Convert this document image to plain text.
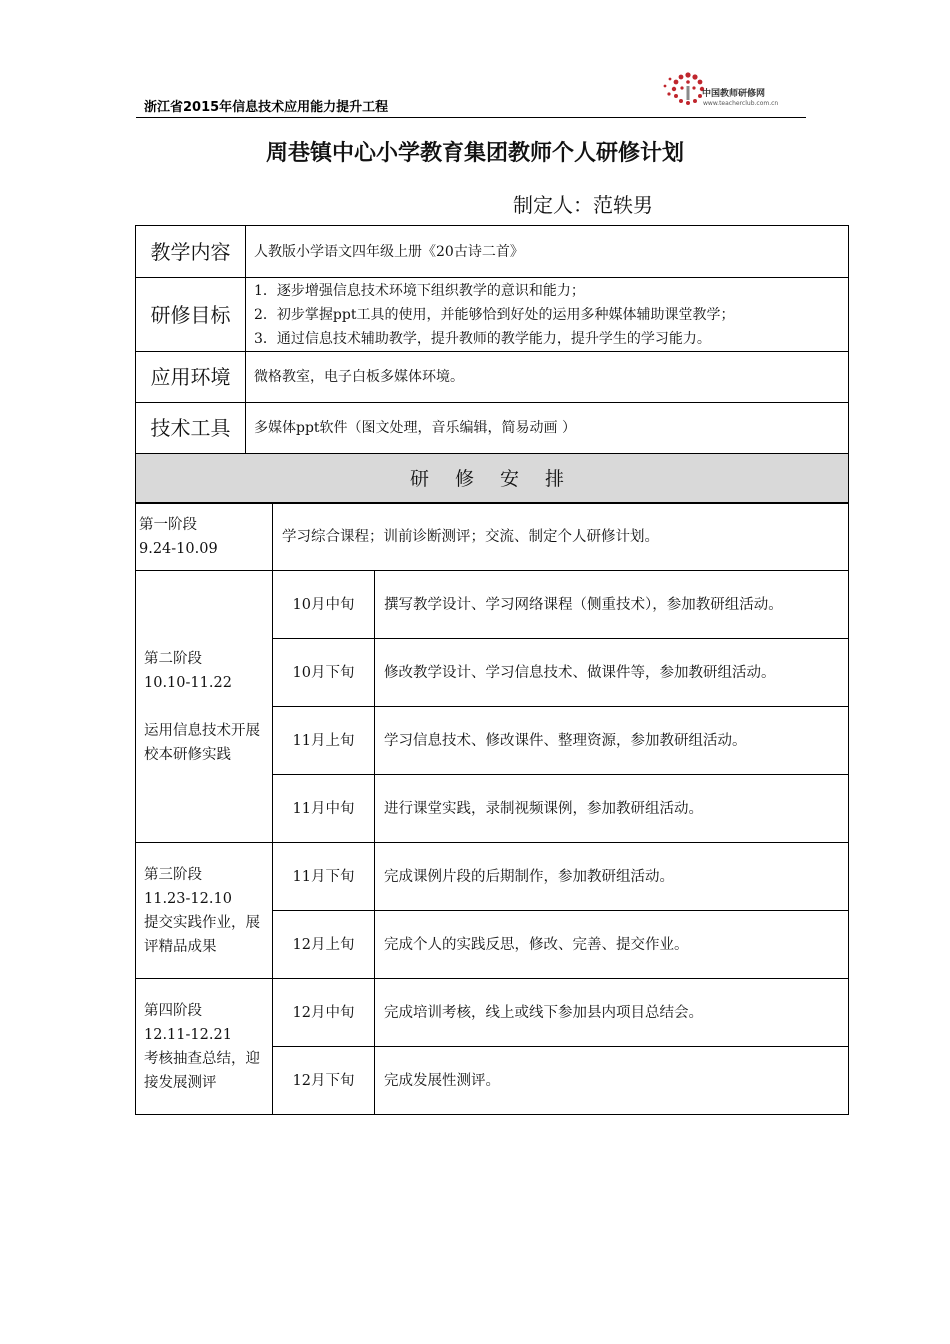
浙江省2015年信息技术应用能力提升工程
中国教师研修网
www.teacherclub.com.cn
周巷镇中心小学教育集团教师个人研修计划
制定人：范轶男
教学内容	人教版小学语文四年级上册《20古诗二首》

研修目标	1．逐步增强信息技术环境下组织教学的意识和能力；
2．初步掌握ppt工具的使用，并能够恰到好处的运用多种媒体辅助课堂教学；
3．通过信息技术辅助教学，提升教师的教学能力，提升学生的学习能力。

应用环境	微格教室，电子白板多媒体环境。

技术工具	多媒体ppt软件（图文处理，音乐编辑，简易动画 ）

研 修 安 排	
第一阶段
9.24-10.09	学习综合课程；训前诊断测评；交流、制定个人研修计划。	

第二阶段
10.10-11.22
运用信息技术开展校本研修实践	10月中旬	撰写教学设计、学习网络课程（侧重技术），参加教研组活动。
	10月下旬	修改教学设计、学习信息技术、做课件等，参加教研组活动。
	11月上旬	学习信息技术、修改课件、整理资源，参加教研组活动。
	11月中旬	进行课堂实践，录制视频课例，参加教研组活动。

第三阶段
11.23-12.10
提交实践作业，展评精品成果	11月下旬	完成课例片段的后期制作，参加教研组活动。
	12月上旬	完成个人的实践反思，修改、完善、提交作业。

第四阶段
12.11-12.21
考核抽查总结，迎接发展测评	12月中旬	完成培训考核，线上或线下参加县内项目总结会。
	12月下旬	完成发展性测评。
